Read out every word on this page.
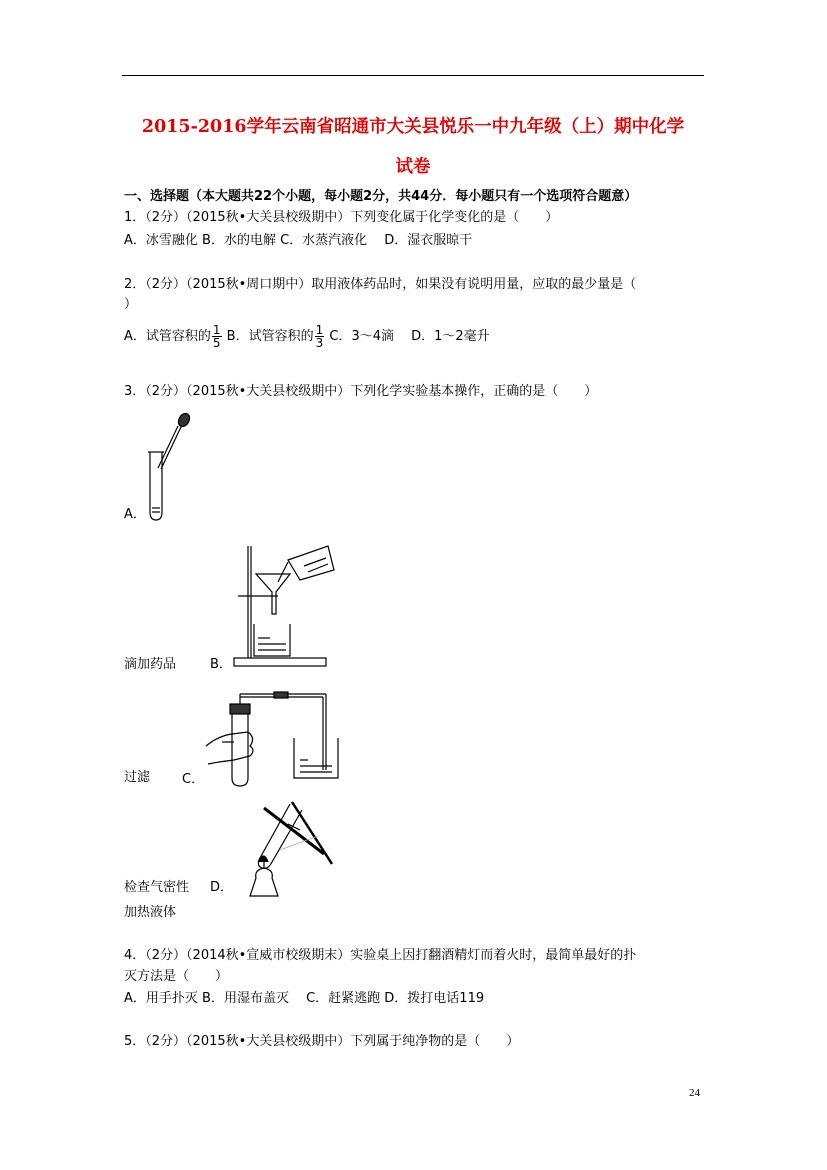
2015-2016学年云南省昭通市大关县悦乐一中九年级（上）期中化学
试卷
一、选择题（本大题共22个小题，每小题2分，共44分．每小题只有一个选项符合题意）
1．（2分）（2015秋•大关县校级期中）下列变化属于化学变化的是（　　）
A．冰雪融化 B．水的电解 C．水蒸汽液化　 D．湿衣服晾干
2．（2分）（2015秋•周口期中）取用液体药品时，如果没有说明用量，应取的最少量是（
）
A．试管容积的 $\frac{1}{5}$ B．试管容积的 $\frac{1}{3}$ C．3～4滴　 D．1～2毫升
3．（2分）（2015秋•大关县校级期中）下列化学实验基本操作，正确的是（　　）
A．
滴加药品	B．
过滤 C．
检查气密性 D．
加热液体
4．（2分）（2014秋•宣威市校级期末）实验桌上因打翻酒精灯而着火时，最简单最好的扑
灭方法是（　　）
A．用手扑灭 B．用湿布盖灭　 C．赶紧逃跑 D．拨打电话119
5．（2分）（2015秋•大关县校级期中）下列属于纯净物的是（　　）
24
